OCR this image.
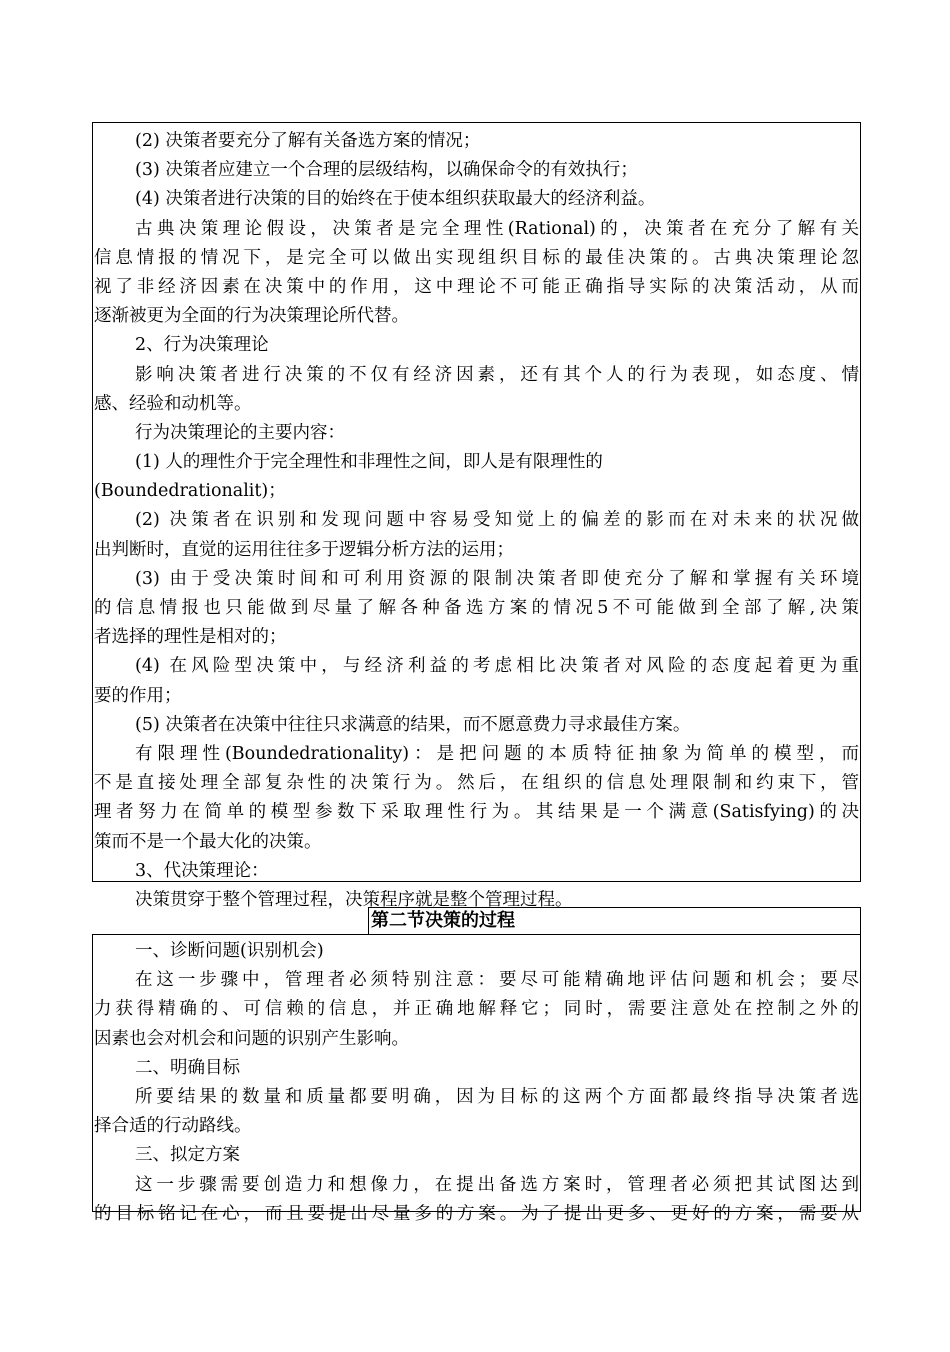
(2) 决策者要充分了解有关备选方案的情况；
(3) 决策者应建立一个合理的层级结构，以确保命令的有效执行；
(4) 决策者进行决策的目的始终在于使本组织获取最大的经济利益。
古典决策理论假设，决策者是完全理性(Rational)的，决策者在充分了解有关
信息情报的情况下，是完全可以做出实现组织目标的最佳决策的。古典决策理论忽
视了非经济因素在决策中的作用，这中理论不可能正确指导实际的决策活动，从而
逐渐被更为全面的行为决策理论所代替。
2、行为决策理论
影响决策者进行决策的不仅有经济因素，还有其个人的行为表现，如态度、情
感、经验和动机等。
行为决策理论的主要内容：
(1) 人的理性介于完全理性和非理性之间，即人是有限理性的
(Boundedrationalit)；
(2) 决策者在识别和发现问题中容易受知觉上的偏差的影而在对未来的状况做
出判断时，直觉的运用往往多于逻辑分析方法的运用；
(3) 由于受决策时间和可利用资源的限制决策者即使充分了解和掌握有关环境
的信息情报也只能做到尽量了解各种备选方案的情况5不可能做到全部了解,决策
者选择的理性是相对的；
(4) 在风险型决策中，与经济利益的考虑相比决策者对风险的态度起着更为重
要的作用；
(5) 决策者在决策中往往只求满意的结果，而不愿意费力寻求最佳方案。
有限理性(Boundedrationality)：是把问题的本质特征抽象为简单的模型，而
不是直接处理全部复杂性的决策行为。然后，在组织的信息处理限制和约束下，管
理者努力在简单的模型参数下采取理性行为。其结果是一个满意(Satisfying)的决
策而不是一个最大化的决策。
3、代决策理论：
决策贯穿于整个管理过程，决策程序就是整个管理过程。
第二节决策的过程
一、诊断问题(识别机会)
在这一步骤中，管理者必须特别注意：要尽可能精确地评估问题和机会；要尽
力获得精确的、可信赖的信息，并正确地解释它；同时，需要注意处在控制之外的
因素也会对机会和问题的识别产生影响。
二、明确目标
所要结果的数量和质量都要明确，因为目标的这两个方面都最终指导决策者选
择合适的行动路线。
三、拟定方案
这一步骤需要创造力和想像力，在提出备选方案时，管理者必须把其试图达到
的目标铭记在心，而且要提出尽量多的方案。为了提出更多、更好的方案，需要从
